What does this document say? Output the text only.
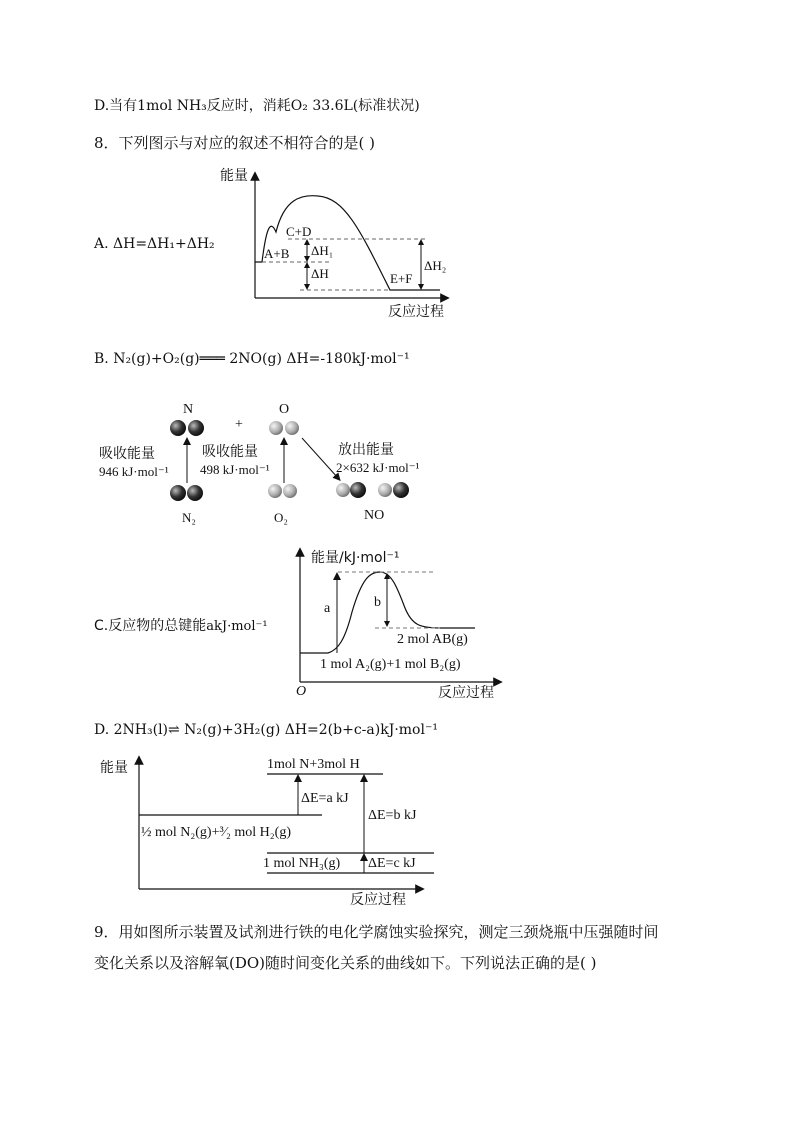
D.当有1mol NH₃反应时，消耗O₂ 33.6L(标准状况)
8．下列图示与对应的叙述不相符合的是( )
A. ΔH=ΔH₁+ΔH₂
能量
反应过程
C+D
A+B
E+F
ΔH₁
ΔH
ΔH₂
B. N₂(g)+O₂(g)═══ 2NO(g) ΔH=-180kJ·mol⁻¹
N
+
O
吸收能量
946 kJ·mol⁻¹
吸收能量
498 kJ·mol⁻¹
放出能量
2×632 kJ·mol⁻¹
N₂	O₂	NO
C.反应物的总键能akJ·mol⁻¹
能量/kJ·mol⁻¹
反应过程
O
a	b
2 mol AB(g)
1 mol A₂(g)+1 mol B₂(g)
D. 2NH₃(l)⇌ N₂(g)+3H₂(g) ΔH=2(b+c-a)kJ·mol⁻¹
能量
反应过程
1mol N+3mol H
ΔE=a kJ
ΔE=b kJ
ΔE=c kJ
½ mol N₂(g)+³⁄₂ mol H₂(g)
1 mol NH₃(g)
9．用如图所示装置及试剂进行铁的电化学腐蚀实验探究，测定三颈烧瓶中压强随时间
变化关系以及溶解氧(DO)随时间变化关系的曲线如下。下列说法正确的是( )
